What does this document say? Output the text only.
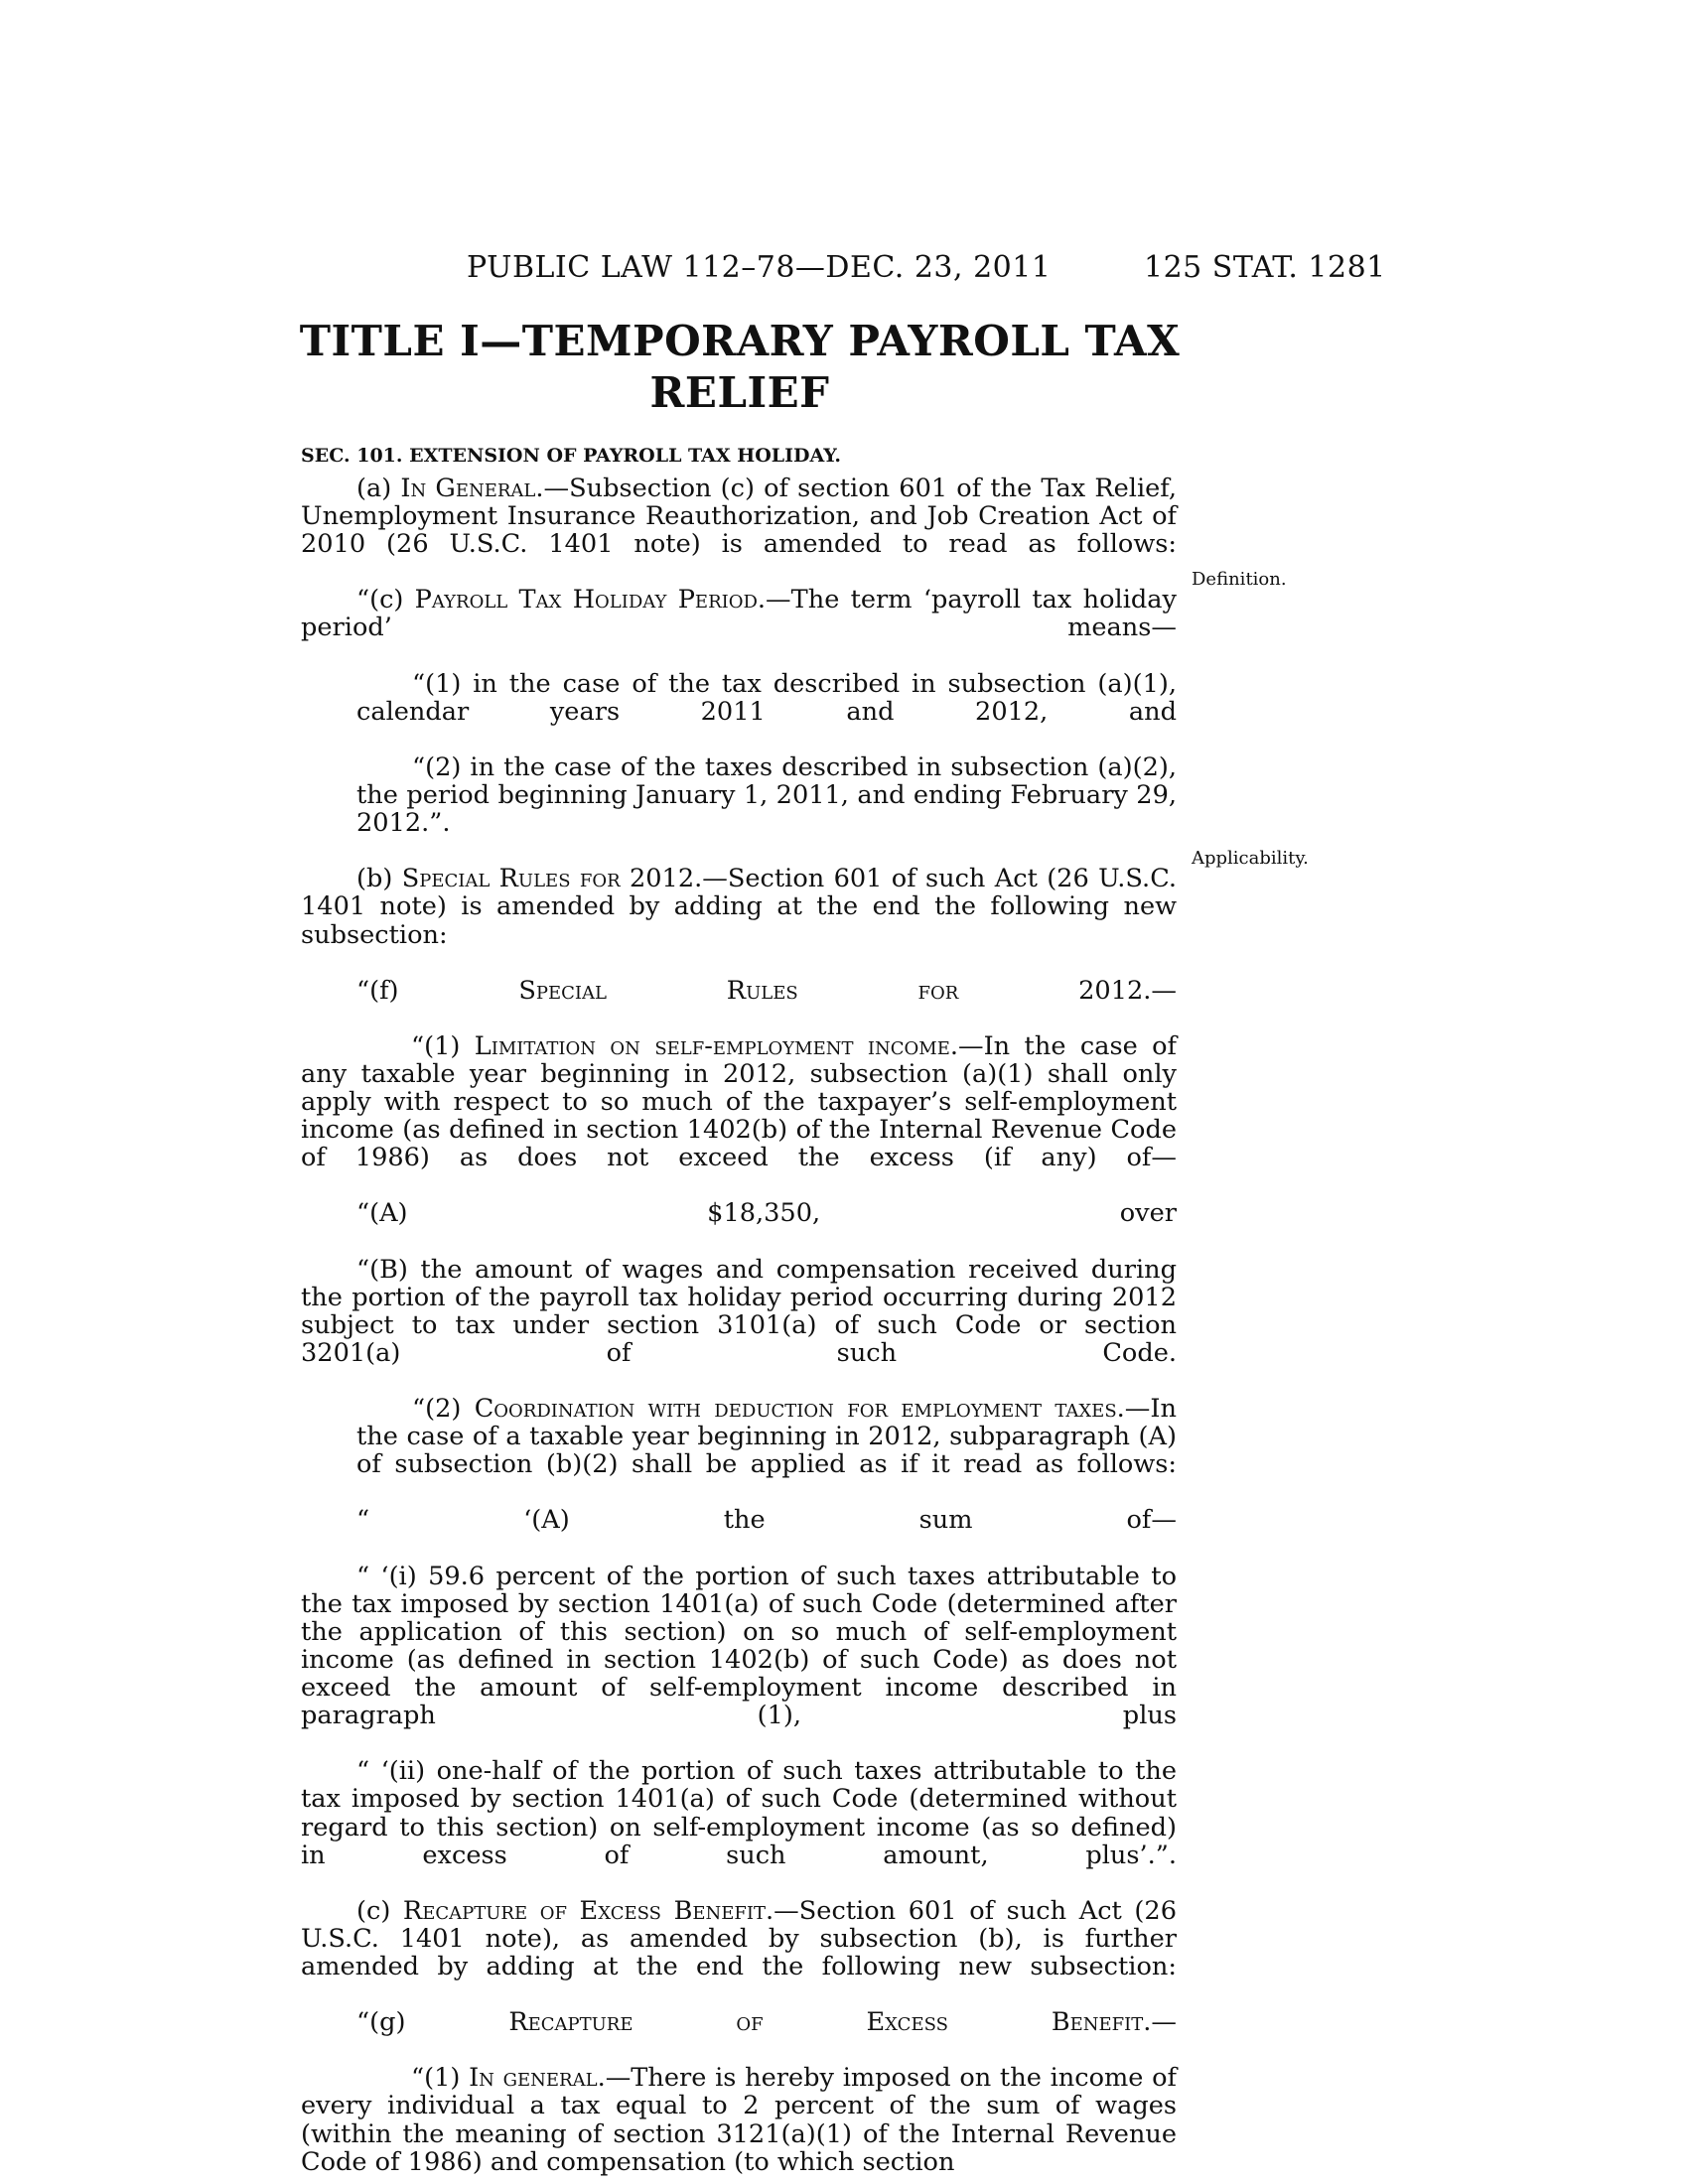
PUBLIC LAW 112–78—DEC. 23, 2011	125 STAT. 1281
TITLE I—TEMPORARY PAYROLL TAX
RELIEF
SEC. 101. EXTENSION OF PAYROLL TAX HOLIDAY.

(a) In General.—Subsection (c) of section 601 of the Tax Relief, Unemployment Insurance Reauthorization, and Job Creation Act of 2010 (26 U.S.C. 1401 note) is amended to read as follows:

“(c) Payroll Tax Holiday Period.—The term ‘payroll tax holiday period’ means—

“(1) in the case of the tax described in subsection (a)(1), calendar years 2011 and 2012, and

“(2) in the case of the taxes described in subsection (a)(2), the period beginning January 1, 2011, and ending February 29, 2012.”.

(b) Special Rules for 2012.—Section 601 of such Act (26 U.S.C. 1401 note) is amended by adding at the end the following new subsection:

“(f) Special Rules for 2012.—

“(1) Limitation on self-employment income.—In the case of any taxable year beginning in 2012, subsection (a)(1) shall only apply with respect to so much of the taxpayer’s self-employment income (as defined in section 1402(b) of the Internal Revenue Code of 1986) as does not exceed the excess (if any) of—

“(A) $18,350, over

“(B) the amount of wages and compensation received during the portion of the payroll tax holiday period occurring during 2012 subject to tax under section 3101(a) of such Code or section 3201(a) of such Code.

“(2) Coordination with deduction for employment taxes.—In the case of a taxable year beginning in 2012, subparagraph (A) of subsection (b)(2) shall be applied as if it read as follows:

“ ‘(A) the sum of—

“ ‘(i) 59.6 percent of the portion of such taxes attributable to the tax imposed by section 1401(a) of such Code (determined after the application of this section) on so much of self-employment income (as defined in section 1402(b) of such Code) as does not exceed the amount of self-employment income described in paragraph (1), plus

“ ‘(ii) one-half of the portion of such taxes attributable to the tax imposed by section 1401(a) of such Code (determined without regard to this section) on self-employment income (as so defined) in excess of such amount, plus’.”.

(c) Recapture of Excess Benefit.—Section 601 of such Act (26 U.S.C. 1401 note), as amended by subsection (b), is further amended by adding at the end the following new subsection:

“(g) Recapture of Excess Benefit.—

“(1) In general.—There is hereby imposed on the income of every individual a tax equal to 2 percent of the sum of wages (within the meaning of section 3121(a)(1) of the Internal Revenue Code of 1986) and compensation (to which section

Definition.
Applicability.
